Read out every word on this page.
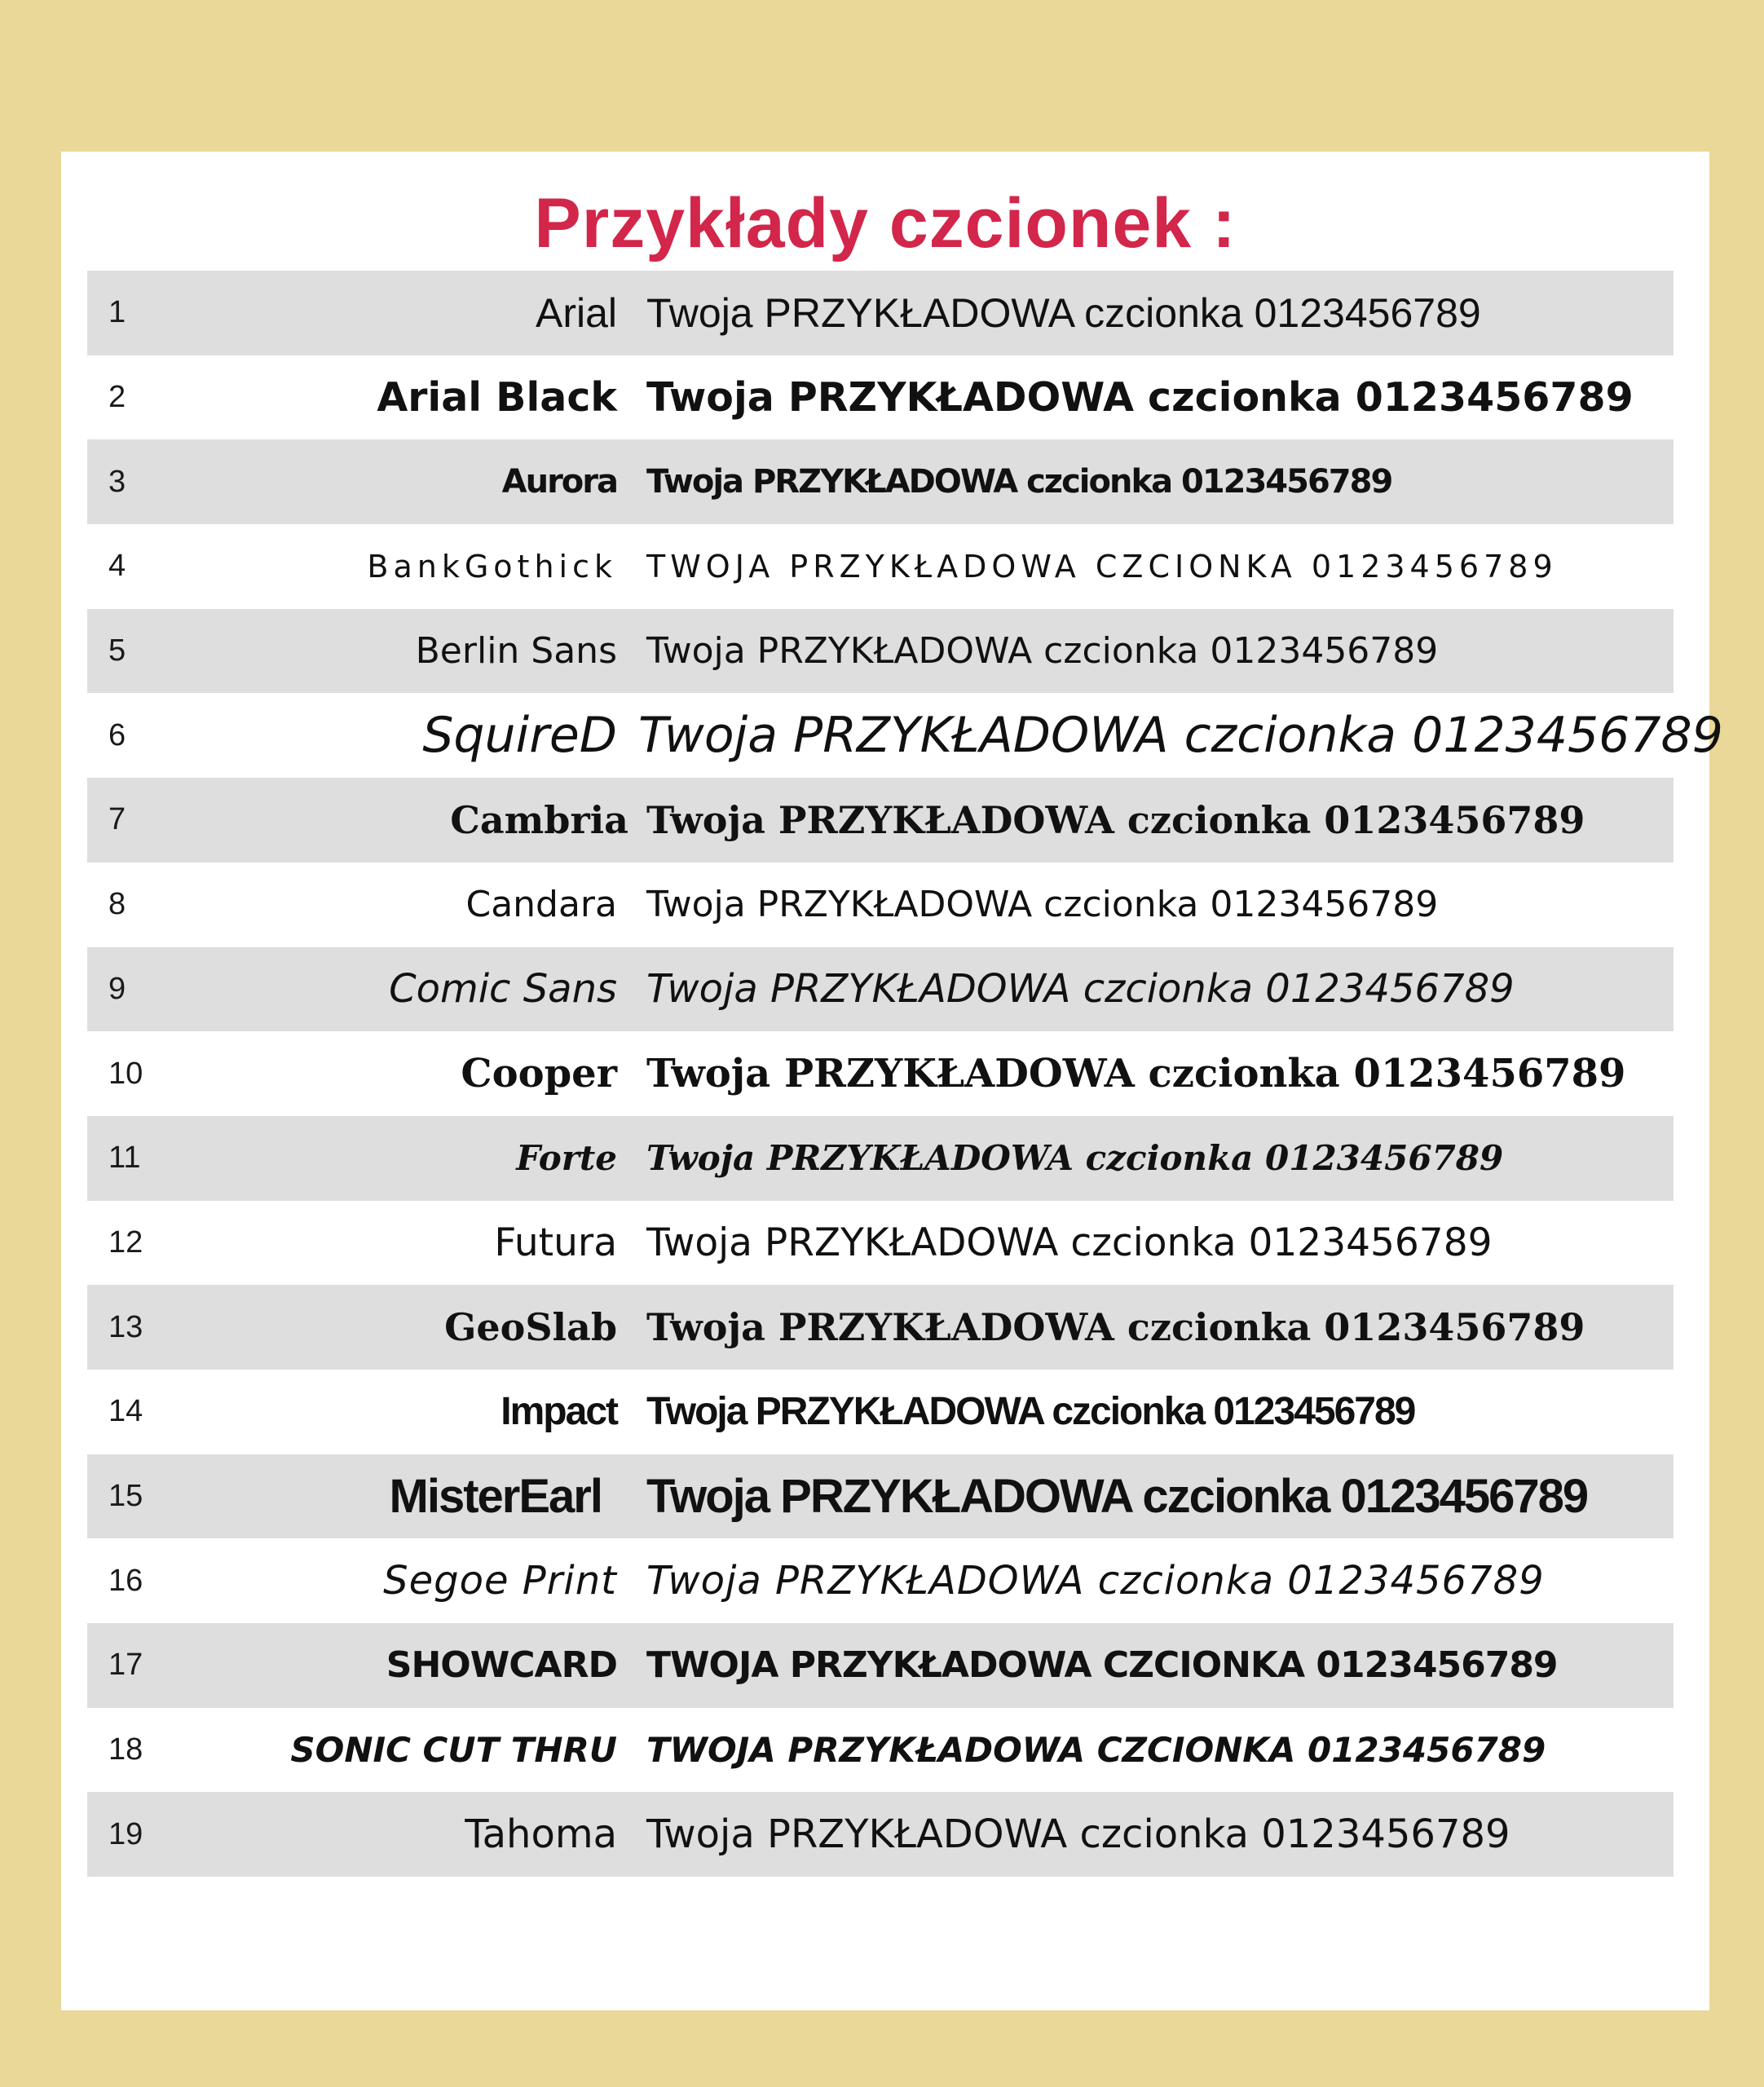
Przykłady czcionek :
1	Arial Twoja PRZYKŁADOWA czcionka 0123456789
2	Arial Black Twoja PRZYKŁADOWA czcionka 0123456789
3	Aurora Twoja PRZYKŁADOWA czcionka 0123456789
4	BankGothick TWOJA PRZYKŁADOWA CZCIONKA 0123456789
5	Berlin Sans Twoja PRZYKŁADOWA czcionka 0123456789
6	SquireD Twoja PRZYKŁADOWA czcionka 0123456789
7	Cambria Twoja PRZYKŁADOWA czcionka 0123456789
8	Candara Twoja PRZYKŁADOWA czcionka 0123456789
9	Comic Sans Twoja PRZYKŁADOWA czcionka 0123456789
10	Cooper Twoja PRZYKŁADOWA czcionka 0123456789
11	Forte Twoja PRZYKŁADOWA czcionka 0123456789
12	Futura Twoja PRZYKŁADOWA czcionka 0123456789
13	GeoSlab Twoja PRZYKŁADOWA czcionka 0123456789
14	Impact Twoja PRZYKŁADOWA czcionka 0123456789
15	MisterEarl Twoja PRZYKŁADOWA czcionka 0123456789
16	Segoe Print Twoja PRZYKŁADOWA czcionka 0123456789
17	SHOWCARD TWOJA PRZYKŁADOWA CZCIONKA 0123456789
18	SONIC CUT THRU TWOJA PRZYKŁADOWA CZCIONKA 0123456789
19	Tahoma Twoja PRZYKŁADOWA czcionka 0123456789
